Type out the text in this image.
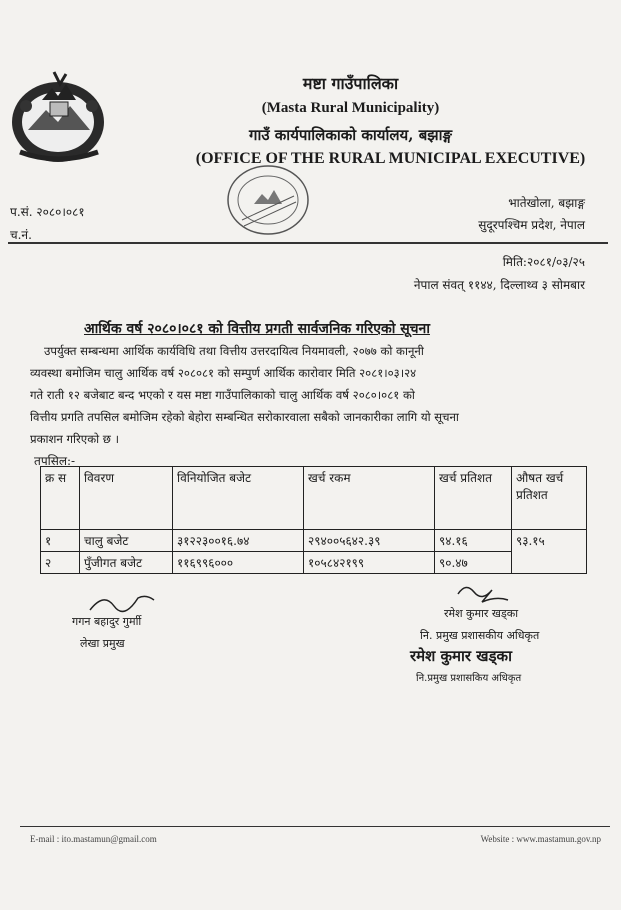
मष्टा गाउँपालिका
(Masta Rural Municipality)
गाउँ कार्यपालिकाको कार्यालय, बझाङ्ग
(OFFICE OF THE RURAL MUNICIPAL EXECUTIVE)
प.सं. २०८०।०८१
च.नं.
भातेखोला, बझाङ्ग
सुदूरपश्चिम प्रदेश, नेपाल
मिति:२०८१/०३/२५
नेपाल संवत् ११४४, दिल्लाथ्व ३ सोमबार
आर्थिक वर्ष २०८०।०८१ को वित्तीय प्रगती सार्वजनिक गरिएको सूचना
उपर्युक्त सम्बन्धमा आर्थिक कार्यविधि तथा वित्तीय उत्तरदायित्व नियमावली, २०७७ को कानूनी
व्यवस्था बमोजिम चालु आर्थिक वर्ष २०८०८१ को सम्पुर्ण आर्थिक कारोवार मिति २०८१।०३।२४
गते राती १२ बजेबाट बन्द भएको र यस मष्टा गाउँपालिकाको चालु आर्थिक वर्ष २०८०।०८१ को
वित्तीय प्रगति तपसिल बमोजिम रहेको बेहोरा सम्बन्धित सरोकारवाला सबैको जानकारीका लागि यो सूचना
प्रकाशन गरिएको छ ।
तपसिल:-
क्र स	विवरण	विनियोजित बजेट	खर्च रकम	खर्च प्रतिशत	औषत खर्च प्रतिशत
१	चालु बजेट	३१२२३००१६.७४	२९४००५६४२.३९	९४.१६	९३.१५
२	पुँजीगत बजेट	११६९९६०००	१०५८४२१९९	९०.४७	
गगन बहादुर गुर्माी
लेखा प्रमुख
रमेश कुमार खड्का
नि. प्रमुख प्रशासकीय अधिकृत
रमेश कुमार खड्का
नि.प्रमुख प्रशासकिय अधिकृत
E-mail : ito.mastamun@gmail.com	Website : www.mastamun.gov.np
